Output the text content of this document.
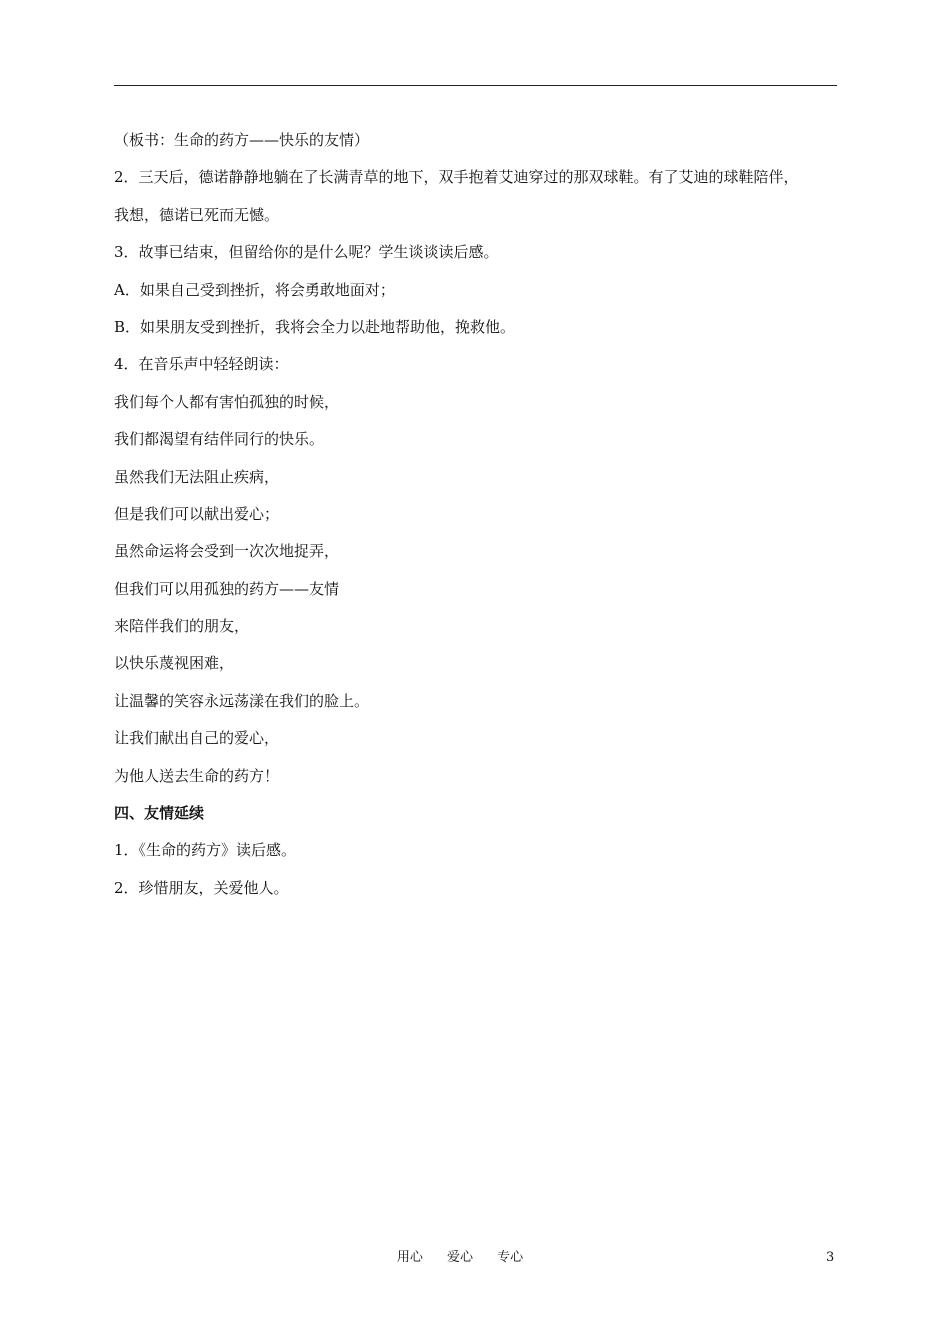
（板书：生命的药方——快乐的友情）

2．三天后，德诺静静地躺在了长满青草的地下，双手抱着艾迪穿过的那双球鞋。有了艾迪的球鞋陪伴，

我想，德诺已死而无憾。

3．故事已结束，但留给你的是什么呢？学生谈谈读后感。

A．如果自己受到挫折，将会勇敢地面对；

B．如果朋友受到挫折，我将会全力以赴地帮助他，挽救他。

4．在音乐声中轻轻朗读：

我们每个人都有害怕孤独的时候，

我们都渴望有结伴同行的快乐。

虽然我们无法阻止疾病，

但是我们可以献出爱心；

虽然命运将会受到一次次地捉弄，

但我们可以用孤独的药方——友情

来陪伴我们的朋友，

以快乐蔑视困难，

让温馨的笑容永远荡漾在我们的脸上。

让我们献出自己的爱心，

为他人送去生命的药方！

四、友情延续

1．《生命的药方》读后感。

2．珍惜朋友，关爱他人。

用心 爱心 专心	3
